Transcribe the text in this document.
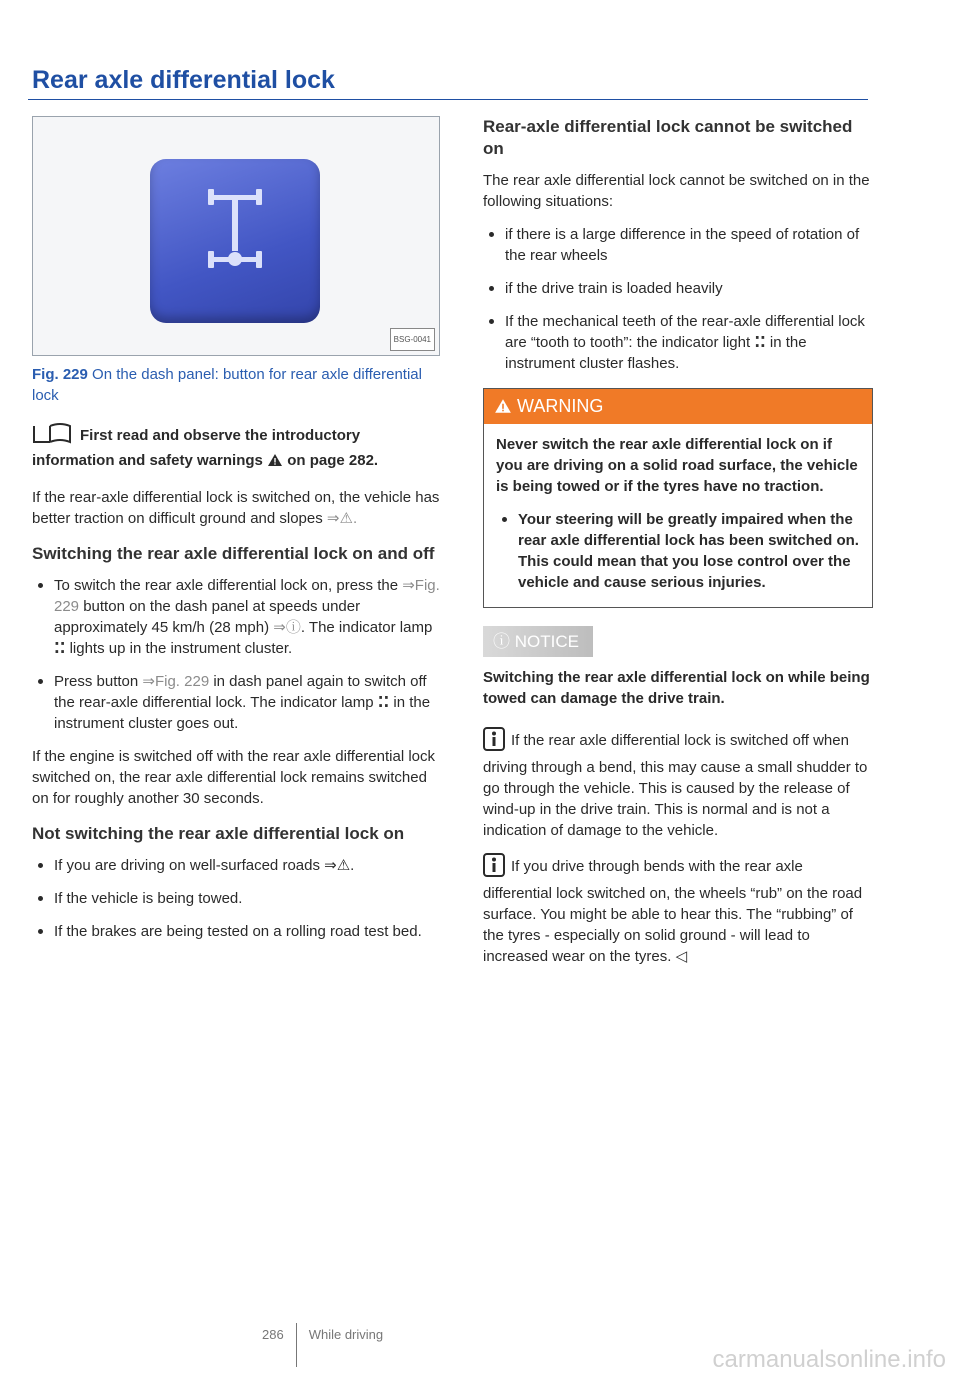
Rear axle differential lock
BSG-0041

Fig. 229 On the dash panel: button for rear axle differential lock

First read and observe the introductory information and safety warnings on page 282.

If the rear-axle differential lock is switched on, the vehicle has better traction on difficult ground and slopes ⇒⚠.

Switching the rear axle differential lock on and off
To switch the rear axle differential lock on, press the ⇒Fig. 229 button on the dash panel at speeds under approximately 45 km/h (28 mph) ⇒ⓘ. The indicator lamp ⁚⁚ lights up in the instrument cluster.
Press button ⇒Fig. 229 in dash panel again to switch off the rear-axle differential lock. The indicator lamp ⁚⁚ in the instrument cluster goes out.

If the engine is switched off with the rear axle differential lock switched on, the rear axle differential lock remains switched on for roughly another 30 seconds.

Not switching the rear axle differential lock on
If you are driving on well-surfaced roads ⇒⚠.
If the vehicle is being towed.
If the brakes are being tested on a rolling road test bed.
Rear-axle differential lock cannot be switched on

The rear axle differential lock cannot be switched on in the following situations:

if there is a large difference in the speed of rotation of the rear wheels
if the drive train is loaded heavily
If the mechanical teeth of the rear-axle differential lock are “tooth to tooth”: the indicator light ⁚⁚ in the instrument cluster flashes.
WARNING

Never switch the rear axle differential lock on if you are driving on a solid road surface, the vehicle is being towed or if the tyres have no traction.

Your steering will be greatly impaired when the rear axle differential lock has been switched on. This could mean that you lose control over the vehicle and cause serious injuries.
ⓘ NOTICE

Switching the rear axle differential lock on while being towed can damage the drive train.

If the rear axle differential lock is switched off when driving through a bend, this may cause a small shudder to go through the vehicle. This is caused by the release of wind-up in the drive train. This is normal and is not a indication of damage to the vehicle.

If you drive through bends with the rear axle differential lock switched on, the wheels “rub” on the road surface. You might be able to hear this. The “rubbing” of the tyres - especially on solid ground - will lead to increased wear on the tyres. ◁

286 While driving
carmanualsonline.info
